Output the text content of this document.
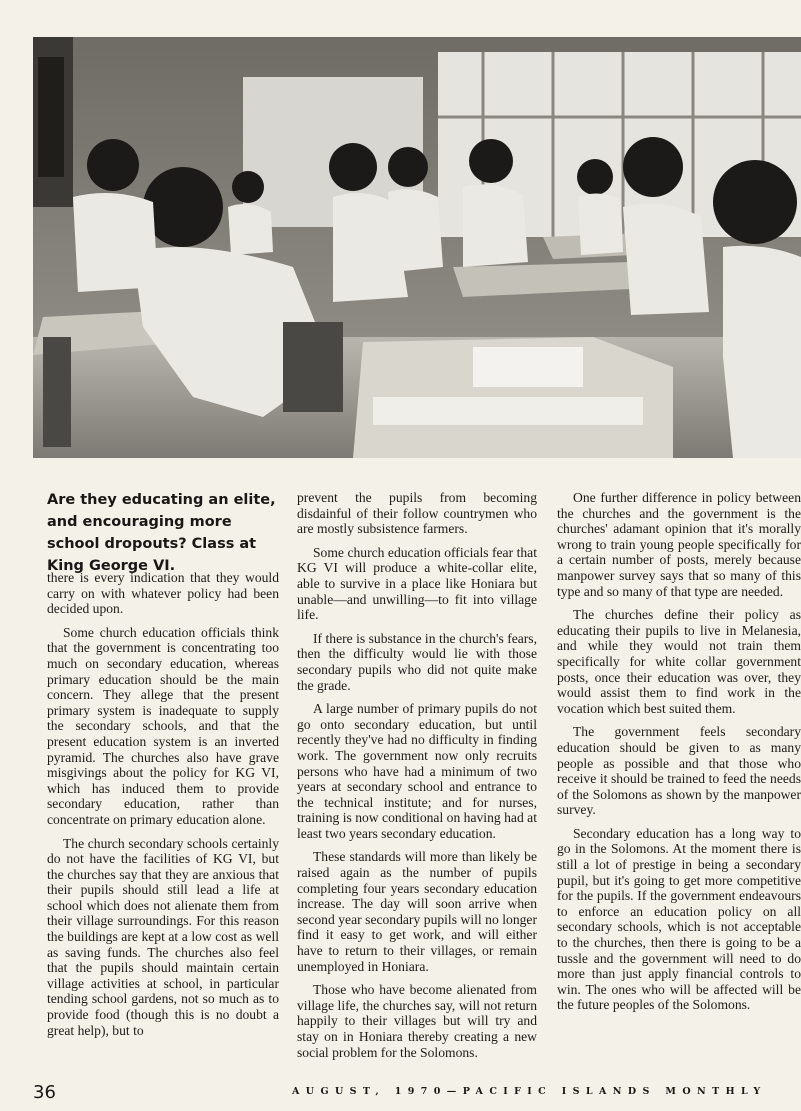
Are they educating an elite, and encouraging more school dropouts? Class at King George VI.

there is every indication that they would carry on with whatever policy had been decided upon.

Some church education officials think that the government is concentrating too much on secondary education, whereas primary education should be the main concern. They allege that the present primary system is inadequate to supply the secondary schools, and that the present education system is an inverted pyramid. The churches also have grave misgivings about the policy for KG VI, which has induced them to provide secondary education, rather than concentrate on primary education alone.

The church secondary schools certainly do not have the facilities of KG VI, but the churches say that they are anxious that their pupils should still lead a life at school which does not alienate them from their village surroundings. For this reason the buildings are kept at a low cost as well as saving funds. The churches also feel that the pupils should maintain certain village activities at school, in particular tending school gardens, not so much as to provide food (though this is no doubt a great help), but to

prevent the pupils from becoming disdainful of their follow countrymen who are mostly subsistence farmers.

Some church education officials fear that KG VI will produce a white-collar elite, able to survive in a place like Honiara but unable—and unwilling—to fit into village life.

If there is substance in the church's fears, then the difficulty would lie with those secondary pupils who did not quite make the grade.

A large number of primary pupils do not go onto secondary education, but until recently they've had no difficulty in finding work. The government now only recruits persons who have had a minimum of two years at secondary school and entrance to the technical institute; and for nurses, training is now conditional on having had at least two years secondary education.

These standards will more than likely be raised again as the number of pupils completing four years secondary education increase. The day will soon arrive when second year secondary pupils will no longer find it easy to get work, and will either have to return to their villages, or remain unemployed in Honiara.

Those who have become alienated from village life, the churches say, will not return happily to their villages but will try and stay on in Honiara thereby creating a new social problem for the Solomons.

One further difference in policy between the churches and the government is the churches' adamant opinion that it's morally wrong to train young people specifically for a certain number of posts, merely because manpower survey says that so many of this type and so many of that type are needed.

The churches define their policy as educating their pupils to live in Melanesia, and while they would not train them specifically for white collar government posts, once their education was over, they would assist them to find work in the vocation which best suited them.

The government feels secondary education should be given to as many people as possible and that those who receive it should be trained to feed the needs of the Solomons as shown by the manpower survey.

Secondary education has a long way to go in the Solomons. At the moment there is still a lot of prestige in being a secondary pupil, but it's going to get more competitive for the pupils. If the government endeavours to enforce an education policy on all secondary schools, which is not acceptable to the churches, then there is going to be a tussle and the government will need to do more than just apply financial controls to win. The ones who will be affected will be the future peoples of the Solomons.

36	AUGUST, 1970—PACIFIC ISLANDS MONTHLY
